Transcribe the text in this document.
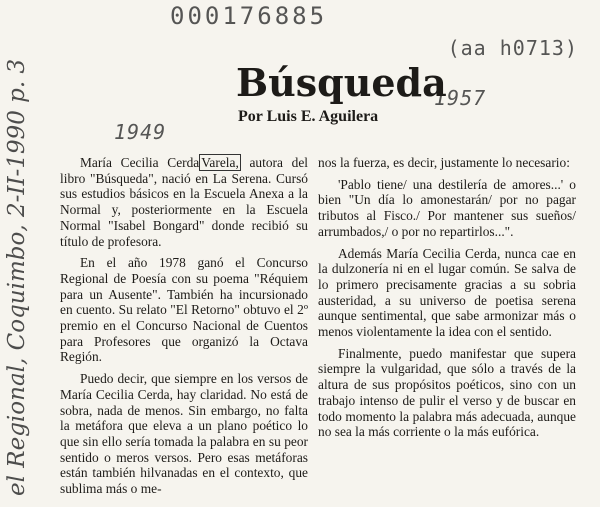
000176885
(aa h0713)
1957
1949
el Regional, Coquimbo, 2-II-1990 p. 3	Búsqueda
Por Luis E. Aguilera

María Cecilia Cerda Varela, autora del libro "Búsqueda", nació en La Serena. Cursó sus estudios básicos en la Escuela Anexa a la Normal y, posteriormente en la Escuela Normal "Isabel Bongard" donde recibió su título de profesora.

En el año 1978 ganó el Concurso Regional de Poesía con su poema "Réquiem para un Ausente". También ha incursionado en cuento. Su relato "El Retorno" obtuvo el 2º premio en el Concurso Nacional de Cuentos para Profesores que organizó la Octava Región.

Puedo decir, que siempre en los versos de María Cecilia Cerda, hay claridad. No está de sobra, nada de menos. Sin embargo, no falta la metáfora que eleva a un plano poético lo que sin ello sería tomada la palabra en su peor sentido o meros versos. Pero esas metáforas están también hilvanadas en el contexto, que sublima más o me-

nos la fuerza, es decir, justamente lo necesario:

'Pablo tiene/ una destilería de amores...' o bien "Un día lo amonestarán/ por no pagar tributos al Fisco./ Por mantener sus sueños/ arrumbados,/ o por no repartirlos...".

Además María Cecilia Cerda, nunca cae en la dulzonería ni en el lugar común. Se salva de lo primero precisamente gracias a su sobria austeridad, a su universo de poetisa serena aunque sentimental, que sabe armonizar más o menos violentamente la idea con el sentido.

Finalmente, puedo manifestar que supera siempre la vulgaridad, que sólo a través de la altura de sus propósitos poéticos, sino con un trabajo intenso de pulir el verso y de buscar en todo momento la palabra más adecuada, aunque no sea la más corriente o la más eufórica.
